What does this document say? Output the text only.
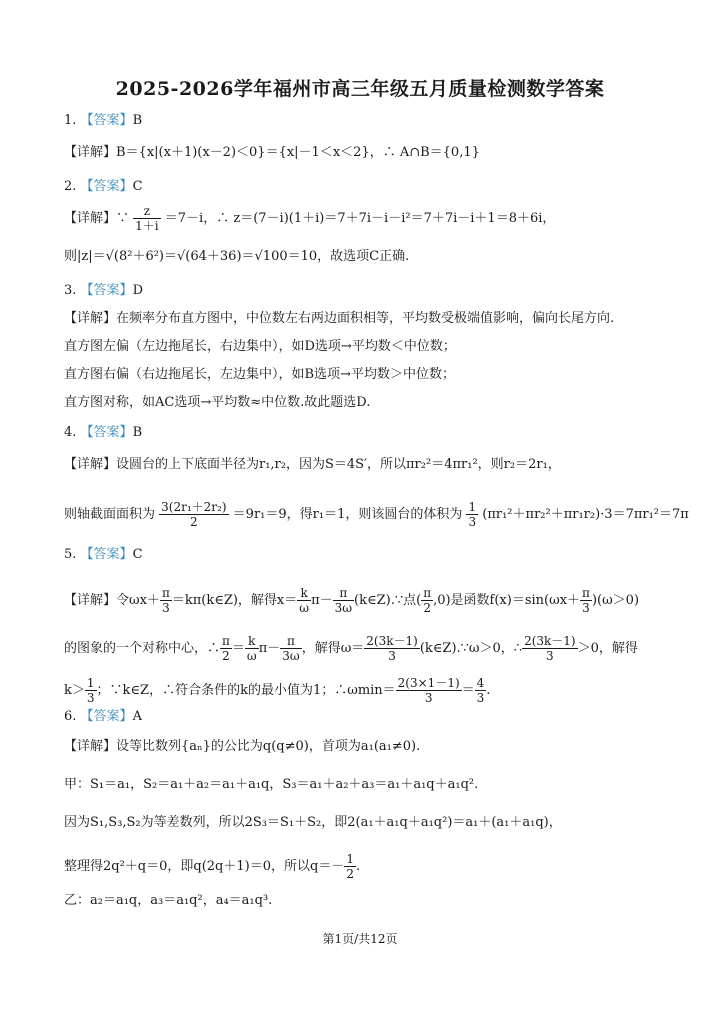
2025-2026学年福州市高三年级五月质量检测数学答案
1. 【答案】B
【详解】B＝{x|(x＋1)(x－2)＜0}＝{x|－1＜x＜2}，∴ A∩B＝{0,1}
2. 【答案】C
【详解】∵ $\frac{z}{1+i} =7-i$，∴ z＝(7－i)(1＋i)＝7＋7i－i－i²＝7＋7i－i＋1＝8＋6i，
则|z|＝√(8²＋6²)＝√(64＋36)＝√100＝10，故选项C正确.
3. 【答案】D
【详解】在频率分布直方图中，中位数左右两边面积相等，平均数受极端值影响，偏向长尾方向.
直方图左偏（左边拖尾长，右边集中），如D选项→平均数＜中位数；
直方图右偏（右边拖尾长，左边集中），如B选项→平均数＞中位数；
直方图对称，如AC选项→平均数≈中位数.故此题选D.
4. 【答案】B
【详解】设圆台的上下底面半径为r₁,r₂，因为S＝4S′，所以πr₂²＝4πr₁²，则r₂＝2r₁，
则轴截面面积为 $\frac{\text{3(2r₁＋2r₂)}}{2} =9r_1=9$，得r₁＝1，则该圆台的体积为 $\frac{1}{3} (\pi r_1^2+\pi r_2^2+\pi r_1r_2)\cdot 3=7\pi r_1^2=7\pi$
5. 【答案】C
【详解】令$\omega x+ \frac{\pi}{3}$ ＝kπ(k∈Z)，解得$x= \frac{k}{\omega} \pi- \frac{\pi}{3\omega}$ (k∈Z).∵点( $\frac{\pi}{2} ,0$)是函数$f(x)=\sin(\omega x+ \frac{\pi}{3} )(\omega>0)$
的图象的一个对称中心，∴ $\frac{\pi}{2} = \frac{k}{\omega} \pi- \frac{\pi}{3\omega}$ ，解得$\omega= \frac{2(3k-1)}{3}$ (k∈Z).∵ω＞0，∴ $\frac{2(3k-1)}{3} >0$，解得
$k> \frac{1}{3}$ ；∵k∈Z，∴符合条件的k的最小值为1；∴ωmin＝ $\frac{2(3\times 1-1)}{3} = \frac{4}{3}$ .
6. 【答案】A
【详解】设等比数列{aₙ}的公比为q(q≠0)，首项为a₁(a₁≠0).
甲：S₁＝a₁，S₂＝a₁＋a₂＝a₁＋a₁q，S₃＝a₁＋a₂＋a₃＝a₁＋a₁q＋a₁q².
因为S₁,S₃,S₂为等差数列，所以2S₃＝S₁＋S₂，即2(a₁＋a₁q＋a₁q²)＝a₁＋(a₁＋a₁q)，
整理得2q²＋q＝0，即q(2q＋1)＝0，所以$q=- \frac{1}{2}$ .
乙：a₂＝a₁q，a₃＝a₁q²，a₄＝a₁q³.
第1页/共12页
